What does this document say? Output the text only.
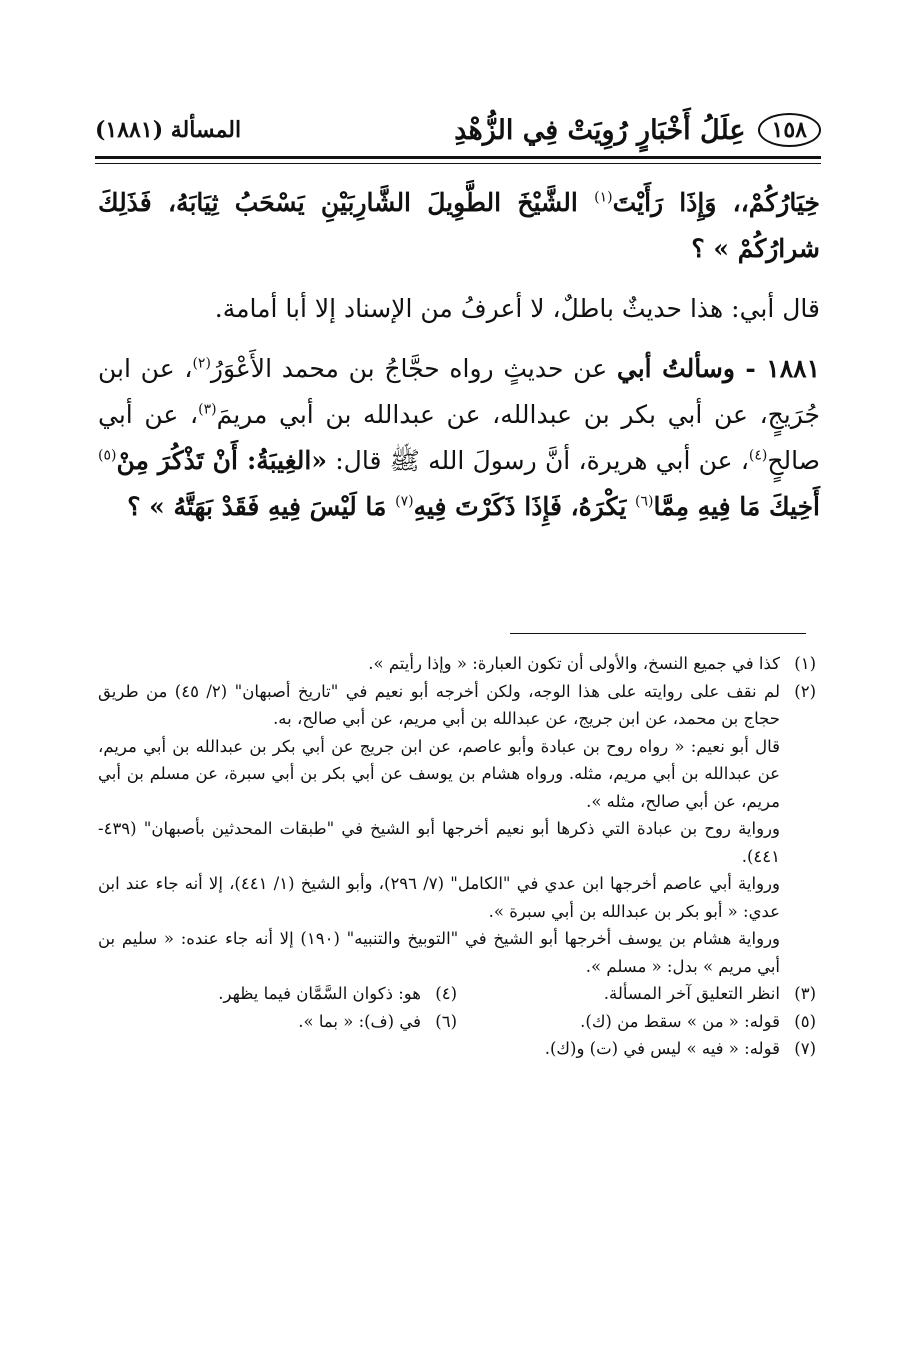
١٥٨
عِلَلُ أَخْبَارٍ رُوِيَتْ فِي الزُّهْدِ
المسألة (١٨٨١)

خِيَارُكُمْ،، وَإِذَا رَأَيْتَ$^{(١)}$ الشَّيْخَ الطَّوِيلَ الشَّارِبَيْنِ يَسْحَبُ ثِيَابَهُ، فَذَلِكَ شرارُكُمْ » ؟

قال أبي: هذا حديثٌ باطلٌ، لا أعرفُ من الإسناد إلا أبا أمامة.

١٨٨١ - وسألتُ أبي عن حديثٍ رواه حجَّاجُ بن محمد الأَعْوَرُ$^{(٢)}$، عن ابن جُرَيجٍ، عن أبي بكر بن عبدالله، عن عبدالله بن أبي مريمَ$^{(٣)}$، عن أبي صالحٍ$^{(٤)}$، عن أبي هريرة، أنَّ رسولَ الله ﷺ قال: «الغِيبَةُ: أَنْ تَذْكُرَ مِنْ$^{(٥)}$ أَخِيكَ مَا فِيهِ مِمَّا$^{(٦)}$ يَكْرَهُ، فَإِذَا ذَكَرْتَ فِيهِ$^{(٧)}$ مَا لَيْسَ فِيهِ فَقَدْ بَهَتَّهُ » ؟

(١)
كذا في جميع النسخ، والأولى أن تكون العبارة: « وإذا رأيتم ».
(٢)

لم نقف على روايته على هذا الوجه، ولكن أخرجه أبو نعيم في "تاريخ أصبهان" (٢/ ٤٥) من طريق حجاج بن محمد، عن ابن جريج، عن عبدالله بن أبي مريم، عن أبي صالح، به.

قال أبو نعيم: « رواه روح بن عبادة وأبو عاصم، عن ابن جريج عن أبي بكر بن عبدالله بن أبي مريم، عن عبدالله بن أبي مريم، مثله. ورواه هشام بن يوسف عن أبي بكر بن أبي سبرة، عن مسلم بن أبي مريم، عن أبي صالح، مثله ».

ورواية روح بن عبادة التي ذكرها أبو نعيم أخرجها أبو الشيخ في "طبقات المحدثين بأصبهان" (٤٣٩- ٤٤١).

ورواية أبي عاصم أخرجها ابن عدي في "الكامل" (٧/ ٢٩٦)، وأبو الشيخ (١/ ٤٤١)، إلا أنه جاء عند ابن عدي: « أبو بكر بن عبدالله بن أبي سبرة ».

ورواية هشام بن يوسف أخرجها أبو الشيخ في "التوبيخ والتنبيه" (١٩٠) إلا أنه جاء عنده: « سليم بن أبي مريم » بدل: « مسلم ».

(٣)
انظر التعليق آخر المسألة.
(٤)
هو: ذكوان السَّمَّان فيما يظهر.
(٥)
قوله: « من » سقط من (ك).
(٦)
في (ف): « بما ».
(٧)
قوله: « فيه » ليس في (ت) و(ك).
